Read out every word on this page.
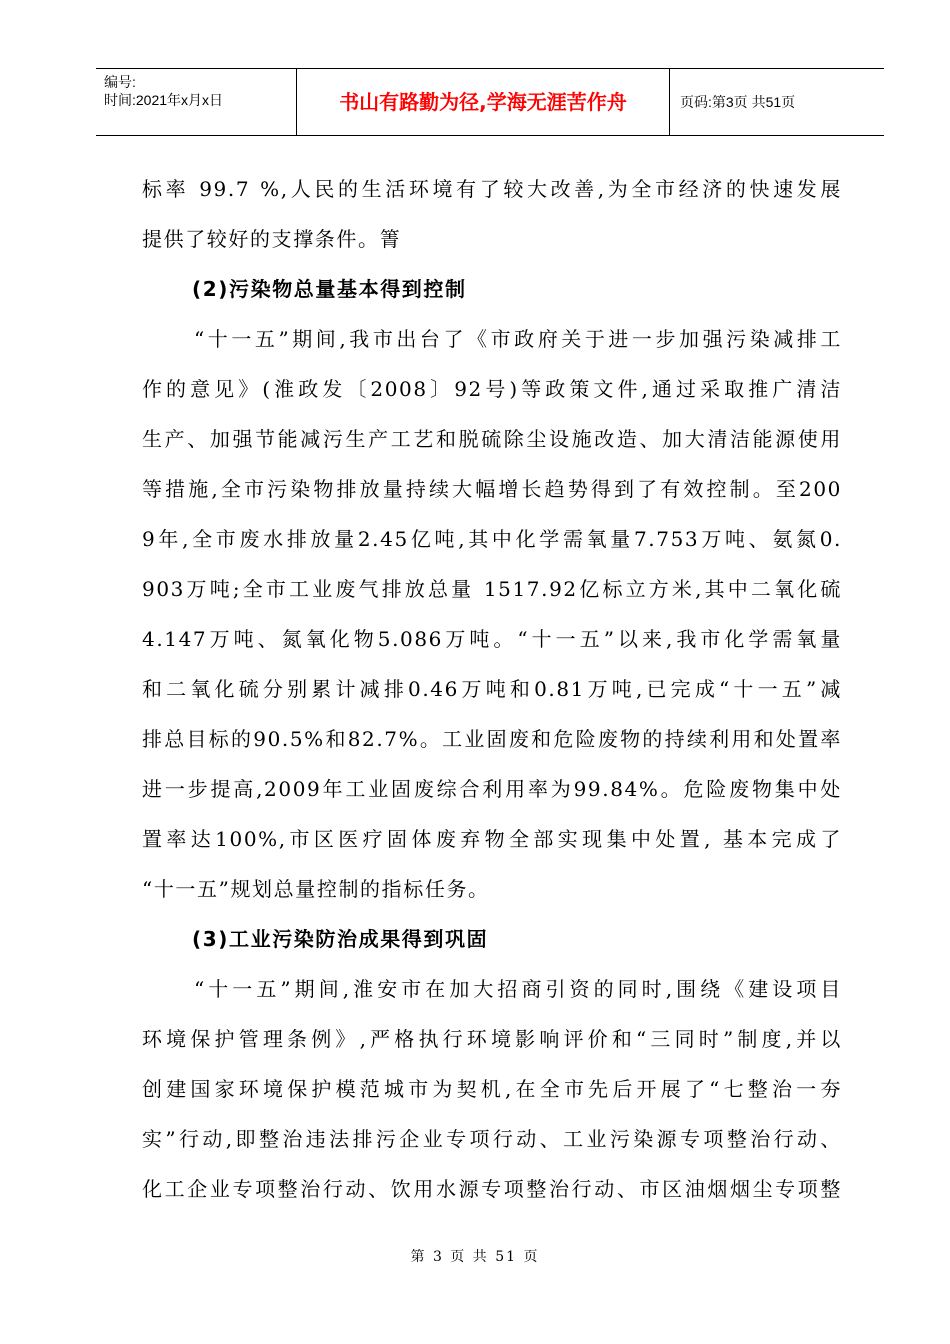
编号:
时间:2021年x月x日	书山有路勤为径,学海无涯苦作舟	页码:第3页 共51页
标率 99.7 %,人民的生活环境有了较大改善,为全市经济的快速发展
提供了较好的支撑条件。箐
(2)污染物总量基本得到控制
“十一五”期间,我市出台了《市政府关于进一步加强污染减排工
作的意见》(淮政发〔2008〕92号)等政策文件,通过采取推广清洁
生产、加强节能减污生产工艺和脱硫除尘设施改造、加大清洁能源使用
等措施,全市污染物排放量持续大幅增长趋势得到了有效控制。至200
9年,全市废水排放量2.45亿吨,其中化学需氧量7.753万吨、氨氮0.
903万吨;全市工业废气排放总量 1517.92亿标立方米,其中二氧化硫
4.147万吨、氮氧化物5.086万吨。“十一五”以来,我市化学需氧量
和二氧化硫分别累计减排0.46万吨和0.81万吨,已完成“十一五”减
排总目标的90.5%和82.7%。工业固废和危险废物的持续利用和处置率
进一步提高,2009年工业固废综合利用率为99.84%。危险废物集中处
置率达100%,市区医疗固体废弃物全部实现集中处置, 基本完成了
“十一五”规划总量控制的指标任务。
(3)工业污染防治成果得到巩固
“十一五”期间,淮安市在加大招商引资的同时,围绕《建设项目
环境保护管理条例》,严格执行环境影响评价和“三同时”制度,并以
创建国家环境保护模范城市为契机,在全市先后开展了“七整治一夯
实”行动,即整治违法排污企业专项行动、工业污染源专项整治行动、
化工企业专项整治行动、饮用水源专项整治行动、市区油烟烟尘专项整
第 3 页 共 51 页
